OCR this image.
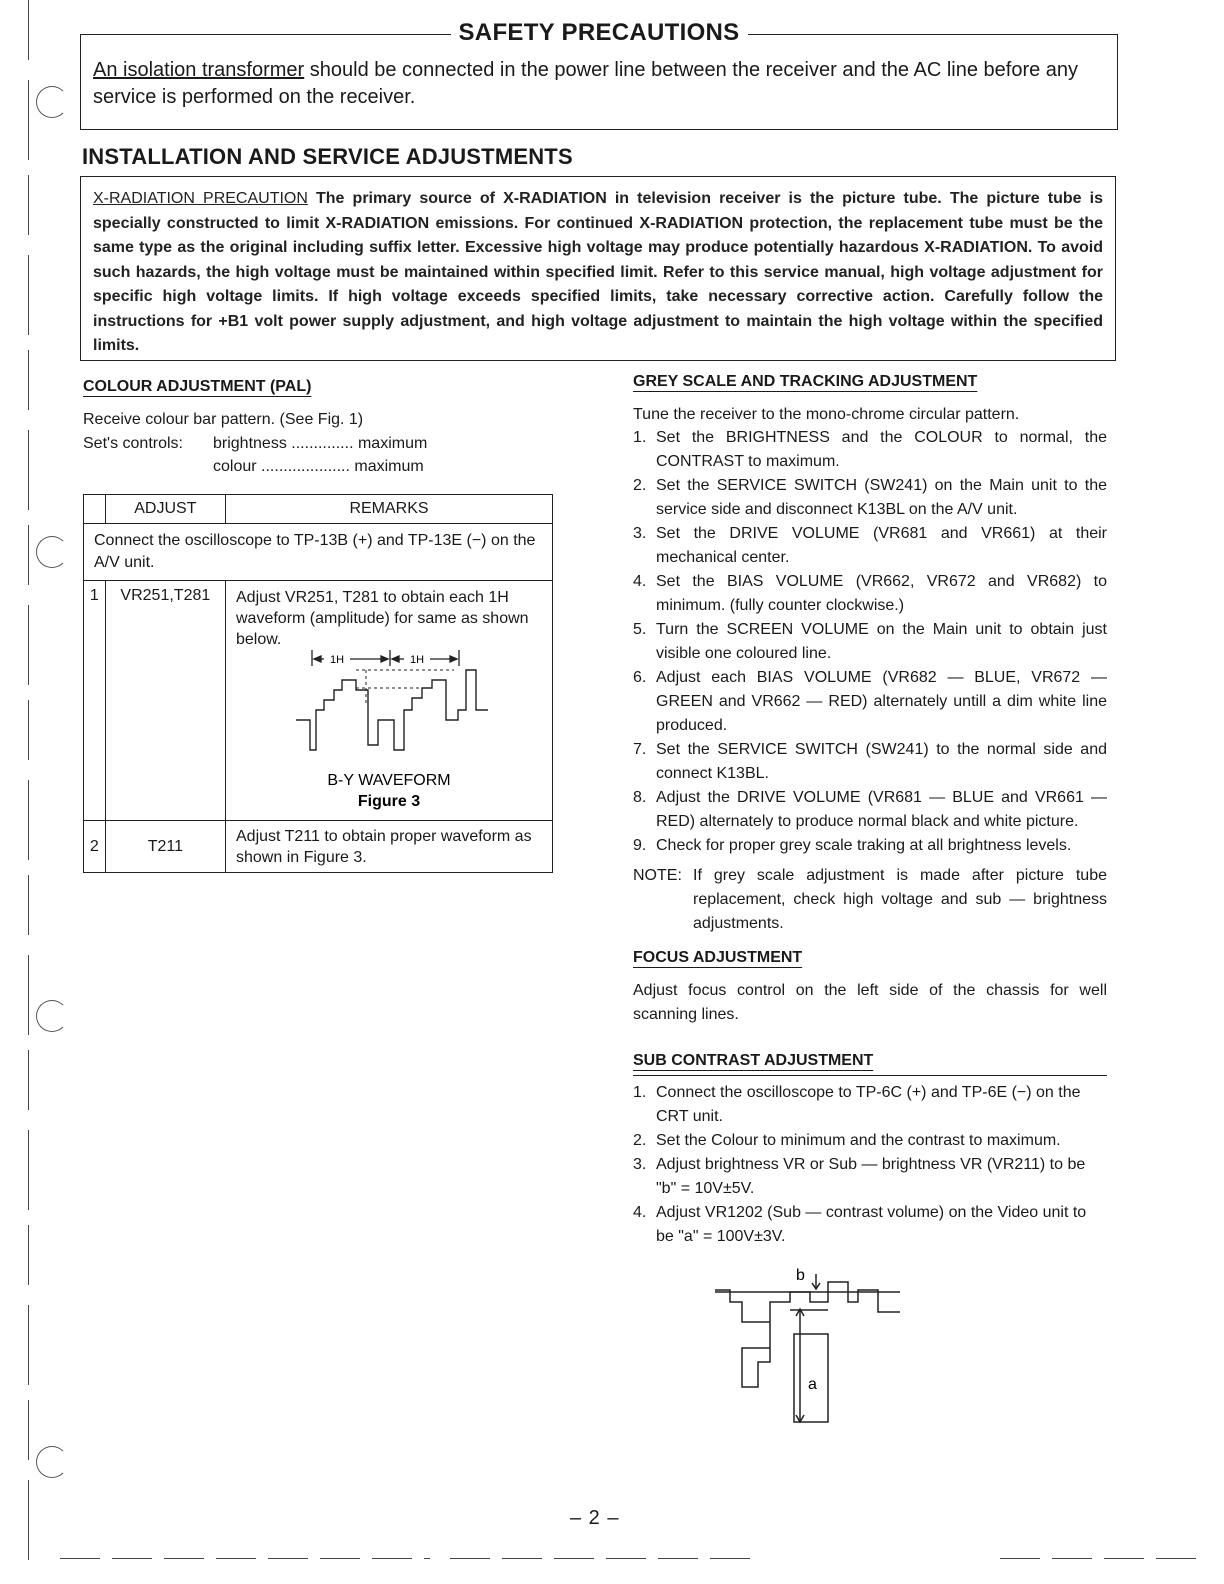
SAFETY PRECAUTIONS
An isolation transformer should be connected in the power line between the receiver and the AC line before any service is performed on the receiver.
INSTALLATION AND SERVICE ADJUSTMENTS
X-RADIATION PRECAUTION The primary source of X-RADIATION in television receiver is the picture tube. The picture tube is specially constructed to limit X-RADIATION emissions. For continued X-RADIATION protection, the replacement tube must be the same type as the original including suffix letter. Excessive high voltage may produce potentially hazardous X-RADIATION. To avoid such hazards, the high voltage must be maintained within specified limit. Refer to this service manual, high voltage adjustment for specific high voltage limits. If high voltage exceeds specified limits, take necessary corrective action. Carefully follow the instructions for +B1 volt power supply adjustment, and high voltage adjustment to maintain the high voltage within the specified limits.
COLOUR ADJUSTMENT (PAL)
Receive colour bar pattern. (See Fig. 1)
Set's controls: brightness .............. maximum
colour .................... maximum
	ADJUST	REMARKS
Connect the oscilloscope to TP-13B (+) and TP-13E (−) on the A/V unit.		
1	VR251,T281	Adjust VR251, T281 to obtain each 1H waveform (amplitude) for same as shown below.
1H 1H
B-Y WAVEFORM
Figure 3

2	T211	Adjust T211 to obtain proper waveform as shown in Figure 3.
GREY SCALE AND TRACKING ADJUSTMENT
Tune the receiver to the mono-chrome circular pattern.
1. Set the BRIGHTNESS and the COLOUR to normal, the CONTRAST to maximum.
2. Set the SERVICE SWITCH (SW241) on the Main unit to the service side and disconnect K13BL on the A/V unit.
3. Set the DRIVE VOLUME (VR681 and VR661) at their mechanical center.
4. Set the BIAS VOLUME (VR662, VR672 and VR682) to minimum. (fully counter clockwise.)
5. Turn the SCREEN VOLUME on the Main unit to obtain just visible one coloured line.
6. Adjust each BIAS VOLUME (VR682 — BLUE, VR672 — GREEN and VR662 — RED) alternately untill a dim white line produced.
7. Set the SERVICE SWITCH (SW241) to the normal side and connect K13BL.
8. Adjust the DRIVE VOLUME (VR681 — BLUE and VR661 — RED) alternately to produce normal black and white picture.
9. Check for proper grey scale traking at all brightness levels.
NOTE: If grey scale adjustment is made after picture tube replacement, check high voltage and sub — brightness adjustments.
FOCUS ADJUSTMENT
Adjust focus control on the left side of the chassis for well scanning lines.
SUB CONTRAST ADJUSTMENT
1. Connect the oscilloscope to TP-6C (+) and TP-6E (−) on the CRT unit.
2. Set the Colour to minimum and the contrast to maximum.
3. Adjust brightness VR or Sub — brightness VR (VR211) to be "b" = 10V±5V.
4. Adjust VR1202 (Sub — contrast volume) on the Video unit to be "a" = 100V±3V.
b
a
– 2 –
